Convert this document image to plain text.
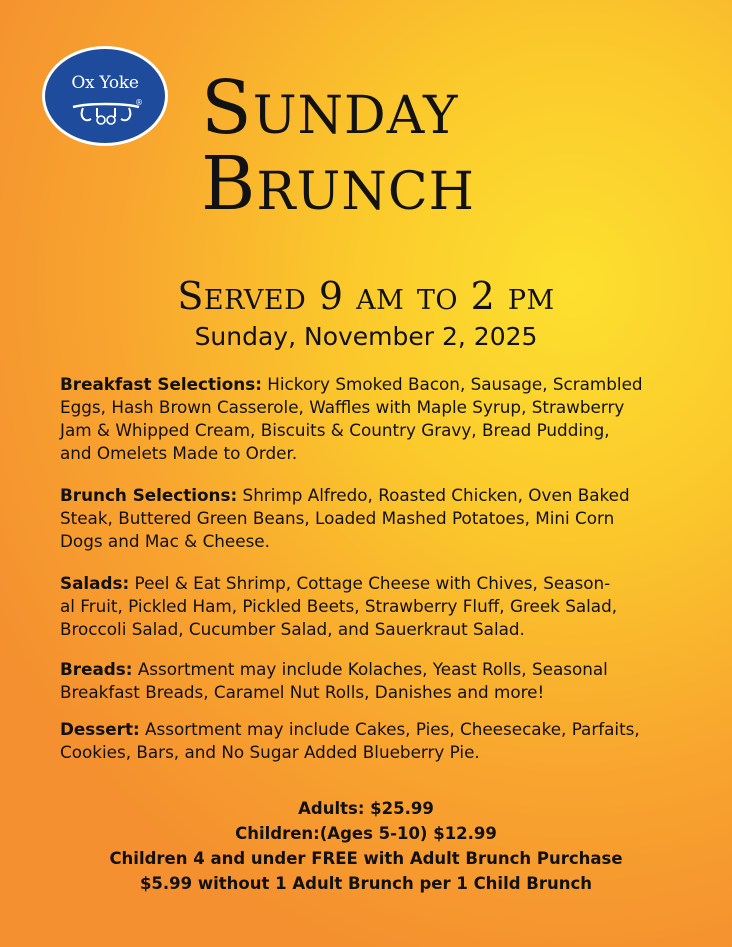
Ox Yoke
® Sunday
Brunch
Served 9 am to 2 pm
Sunday, November 2, 2025
Breakfast Selections: Hickory Smoked Bacon, Sausage, Scrambled
Eggs, Hash Brown Casserole, Waffles with Maple Syrup, Strawberry
Jam & Whipped Cream, Biscuits & Country Gravy, Bread Pudding,
and Omelets Made to Order.
Brunch Selections: Shrimp Alfredo, Roasted Chicken, Oven Baked
Steak, Buttered Green Beans, Loaded Mashed Potatoes, Mini Corn
Dogs and Mac & Cheese.
Salads: Peel & Eat Shrimp, Cottage Cheese with Chives, Season-
al Fruit, Pickled Ham, Pickled Beets, Strawberry Fluff, Greek Salad,
Broccoli Salad, Cucumber Salad, and Sauerkraut Salad.
Breads: Assortment may include Kolaches, Yeast Rolls, Seasonal
Breakfast Breads, Caramel Nut Rolls, Danishes and more!
Dessert: Assortment may include Cakes, Pies, Cheesecake, Parfaits,
Cookies, Bars, and No Sugar Added Blueberry Pie.
Adults: $25.99
Children:(Ages 5-10) $12.99
Children 4 and under FREE with Adult Brunch Purchase
$5.99 without 1 Adult Brunch per 1 Child Brunch
